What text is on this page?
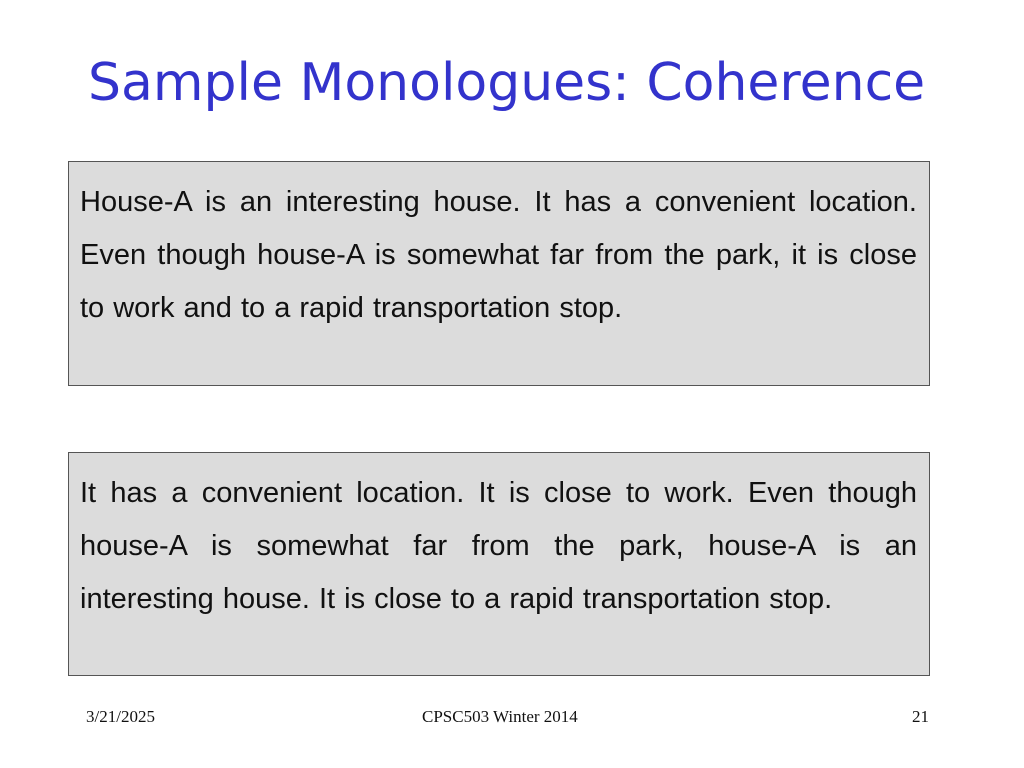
Sample Monologues: Coherence

House-A is an interesting house. It has a convenient location. Even though house-A is somewhat far from the park, it is close to work and to a rapid transportation stop.

It has a convenient location. It is close to work. Even though house-A is somewhat far from the park, house-A is an interesting house. It is close to a rapid transportation stop.

3/21/2025	CPSC503 Winter 2014	21
